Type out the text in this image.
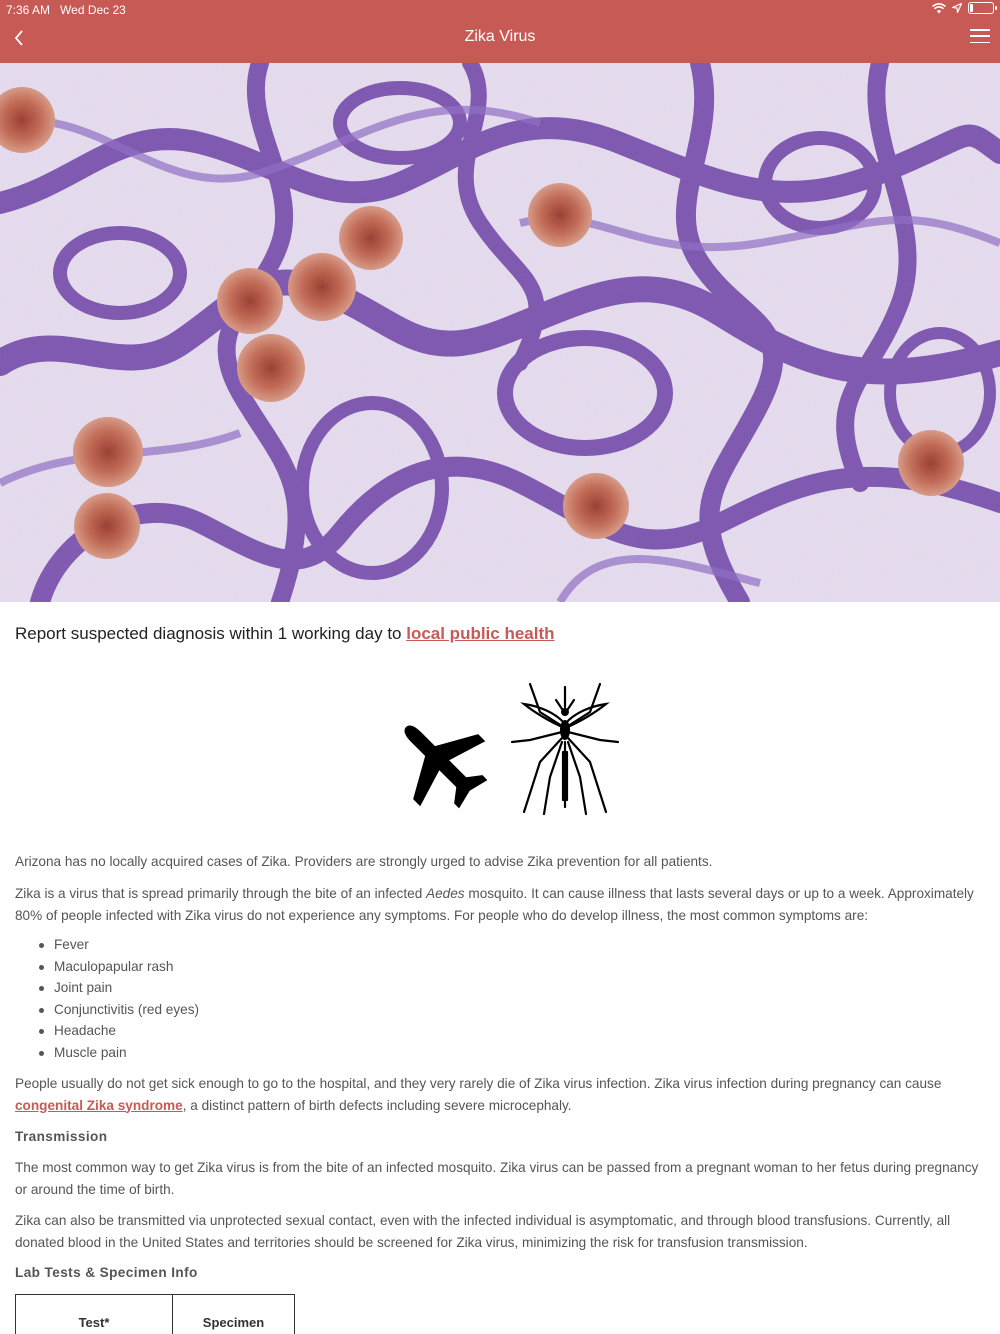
7:36 AM Wed Dec 23
Zika Virus

Report suspected diagnosis within 1 working day to local public health

Arizona has no locally acquired cases of Zika. Providers are strongly urged to advise Zika prevention for all patients.

Zika is a virus that is spread primarily through the bite of an infected Aedes mosquito. It can cause illness that lasts several days or up to a week. Approximately 80% of people infected with Zika virus do not experience any symptoms. For people who do develop illness, the most common symptoms are:

Fever
Maculopapular rash
Joint pain
Conjunctivitis (red eyes)
Headache
Muscle pain

People usually do not get sick enough to go to the hospital, and they very rarely die of Zika virus infection. Zika virus infection during pregnancy can cause congenital Zika syndrome, a distinct pattern of birth defects including severe microcephaly.

Transmission

The most common way to get Zika virus is from the bite of an infected mosquito. Zika virus can be passed from a pregnant woman to her fetus during pregnancy or around the time of birth.

Zika can also be transmitted via unprotected sexual contact, even with the infected individual is asymptomatic, and through blood transfusions. Currently, all donated blood in the United States and territories should be screened for Zika virus, minimizing the risk for transfusion transmission.

Lab Tests & Specimen Info
Test*	Specimen
